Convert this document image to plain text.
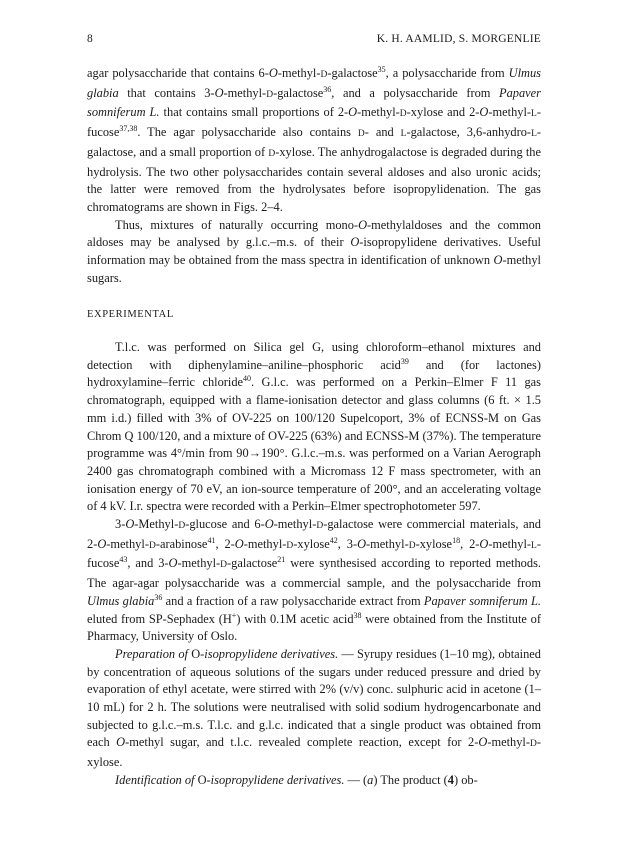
8	K. H. AAMLID, S. MORGENLIE

agar polysaccharide that contains 6-O-methyl-D-galactose$^{35}$, a polysaccharide from Ulmus glabia that contains 3-O-methyl-D-galactose$^{36}$, and a polysaccharide from Papaver somniferum L. that contains small proportions of 2-O-methyl-D-xylose and 2-O-methyl-L-fucose$^{37,38}$. The agar polysaccharide also contains D- and L-galactose, 3,6-anhydro-L-galactose, and a small proportion of D-xylose. The anhydrogalactose is degraded during the hydrolysis. The two other polysaccharides contain several aldoses and also uronic acids; the latter were removed from the hydrolysates before isopropylidenation. The gas chromatograms are shown in Figs. 2–4.

Thus, mixtures of naturally occurring mono-O-methylaldoses and the common aldoses may be analysed by g.l.c.–m.s. of their O-isopropylidene derivatives. Useful information may be obtained from the mass spectra in identification of unknown O-methyl sugars.

EXPERIMENTAL

T.l.c. was performed on Silica gel G, using chloroform–ethanol mixtures and detection with diphenylamine–aniline–phosphoric acid$^{39}$ and (for lactones) hydroxylamine–ferric chloride$^{40}$. G.l.c. was performed on a Perkin–Elmer F 11 gas chromatograph, equipped with a flame-ionisation detector and glass columns (6 ft. × 1.5 mm i.d.) filled with 3% of OV-225 on 100/120 Supelcoport, 3% of ECNSS-M on Gas Chrom Q 100/120, and a mixture of OV-225 (63%) and ECNSS-M (37%). The temperature programme was 4°/min from 90→190°. G.l.c.–m.s. was performed on a Varian Aerograph 2400 gas chromatograph combined with a Micromass 12 F mass spectrometer, with an ionisation energy of 70 eV, an ion-source temperature of 200°, and an accelerating voltage of 4 kV. I.r. spectra were recorded with a Perkin–Elmer spectrophotometer 597.

3-O-Methyl-D-glucose and 6-O-methyl-D-galactose were commercial materials, and 2-O-methyl-D-arabinose$^{41}$, 2-O-methyl-D-xylose$^{42}$, 3-O-methyl-D-xylose$^{18}$, 2-O-methyl-L-fucose$^{43}$, and 3-O-methyl-D-galactose$^{21}$ were synthesised according to reported methods. The agar-agar polysaccharide was a commercial sample, and the polysaccharide from Ulmus glabia$^{36}$ and a fraction of a raw polysaccharide extract from Papaver somniferum L. eluted from SP-Sephadex (H+) with 0.1M acetic acid$^{38}$ were obtained from the Institute of Pharmacy, University of Oslo.

Preparation of O-isopropylidene derivatives. — Syrupy residues (1–10 mg), obtained by concentration of aqueous solutions of the sugars under reduced pressure and dried by evaporation of ethyl acetate, were stirred with 2% (v/v) conc. sulphuric acid in acetone (1–10 mL) for 2 h. The solutions were neutralised with solid sodium hydrogencarbonate and subjected to g.l.c.–m.s. T.l.c. and g.l.c. indicated that a single product was obtained from each O-methyl sugar, and t.l.c. revealed complete reaction, except for 2-O-methyl-D-xylose.

Identification of O-isopropylidene derivatives. — (a) The product (4) ob-
